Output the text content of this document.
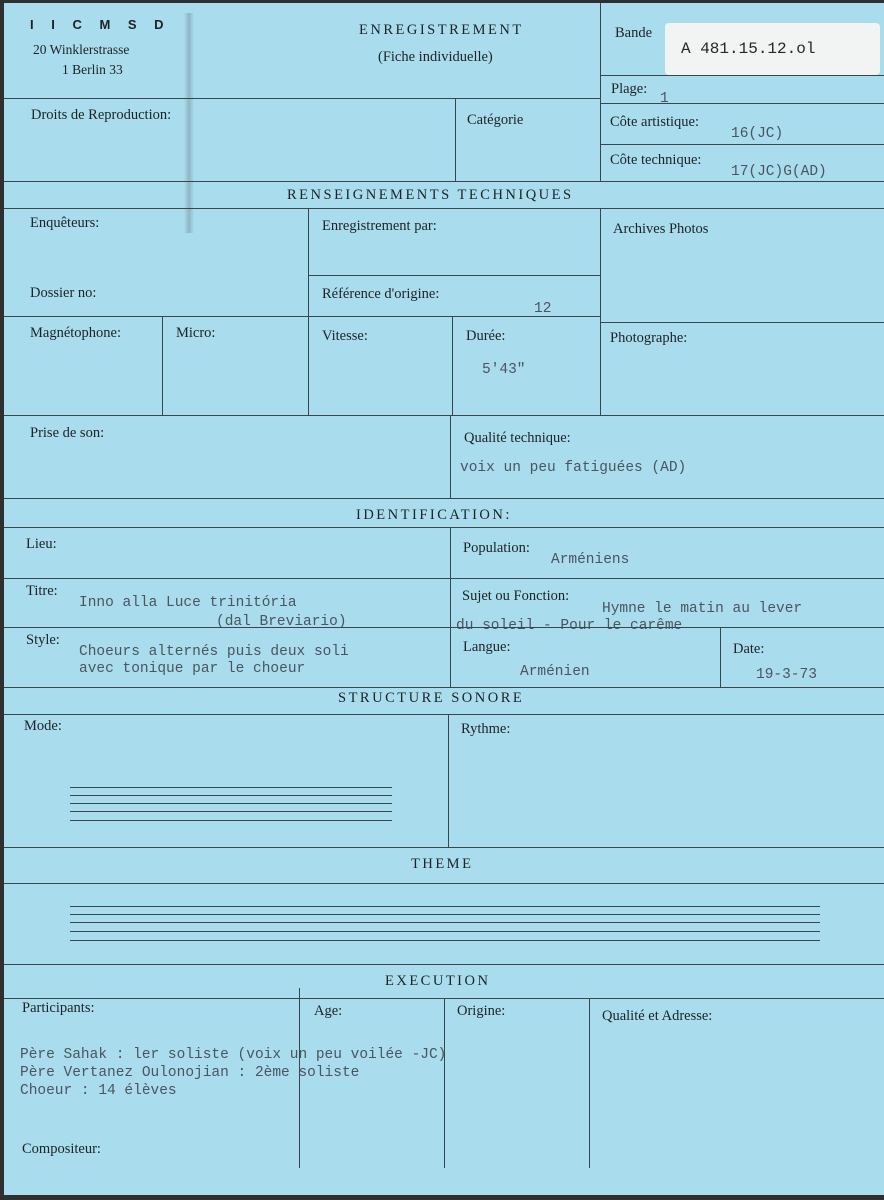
I I C M S D
20 Winklerstrasse
1 Berlin 33
ENREGISTREMENT
(Fiche individuelle)
Bande
A 481.15.12.ol
Plage:
1
Droits de Reproduction:	Catégorie	Côte artistique:
16(JC)
Côte technique:
17(JC)G(AD)
RENSEIGNEMENTS TECHNIQUES
Enquêteurs:	Enregistrement par:	Archives Photos
Dossier no:	Référence d'origine:
12
Magnétophone:	Micro:	Vitesse:	Durée:
5'43"
Photographe:
Prise de son:	Qualité technique:
voix un peu fatiguées (AD)
IDENTIFICATION:
Lieu:	Population:
Arméniens
Titre:
Inno alla Luce trinitória
(dal Breviario)
Sujet ou Fonction:
Hymne le matin au lever
du soleil - Pour le carême
Style:
Choeurs alternés puis deux soli
avec tonique par le choeur
Langue:
Arménien
Date:
19-3-73
STRUCTURE SONORE
Mode:	Rythme:
THEME
EXECUTION
Participants:	Age:	Origine:	Qualité et Adresse:
Père Sahak : ler soliste (voix un peu voilée -JC)
Père Vertanez Oulonojian : 2ème soliste
Choeur : 14 élèves
Compositeur:
